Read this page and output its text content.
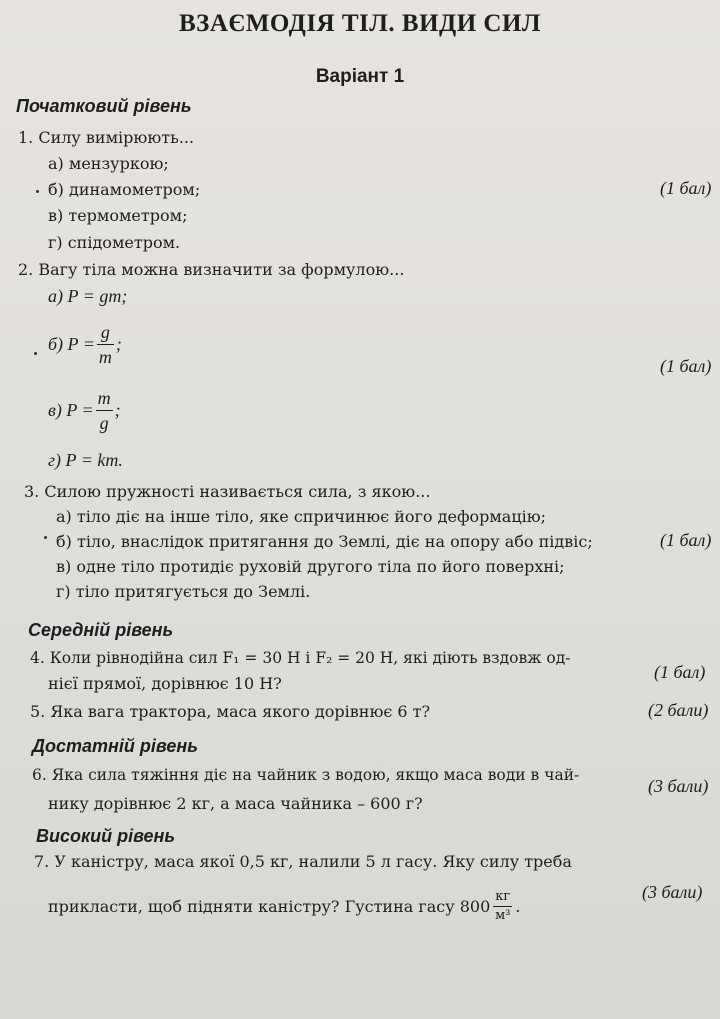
ВЗАЄМОДІЯ ТІЛ. ВИДИ СИЛ
Варіант 1
Початковий рівень
1. Силу вимірюють...
а) мензуркою;
б) динамометром;	(1 бал)
в) термометром;
г) спідометром.
2. Вагу тіла можна визначити за формулою...
а) P = gm;
б) $P = \frac{g}{m}$ ;
(1 бал)
в) $P = \frac{m}{g}$ ;
г) P = km.
3. Силою пружності називається сила, з якою...
а) тіло діє на інше тіло, яке спричинює його деформацію;
б) тіло, внаслідок притягання до Землі, діє на опору або підвіс;	(1 бал)
в) одне тіло протидіє руховій другого тіла по його поверхні;
г) тіло притягується до Землі.
Середній рівень
4. Коли рівнодійна сил F₁ = 30 Н і F₂ = 20 Н, які діють вздовж од-
нієї прямої, дорівнює 10 Н?
(1 бал)
5. Яка вага трактора, маса якого дорівнює 6 т?	(2 бали)
Достатній рівень
6. Яка сила тяжіння діє на чайник з водою, якщо маса води в чай-
нику дорівнює 2 кг, а маса чайника – 600 г?
(3 бали)
Високий рівень
7. У каністру, маса якої 0,5 кг, налили 5 л гасу. Яку силу треба
прикласти, щоб підняти каністру? Густина гасу $800 \frac{кг}{\text{м³}}$ .
(3 бали)
